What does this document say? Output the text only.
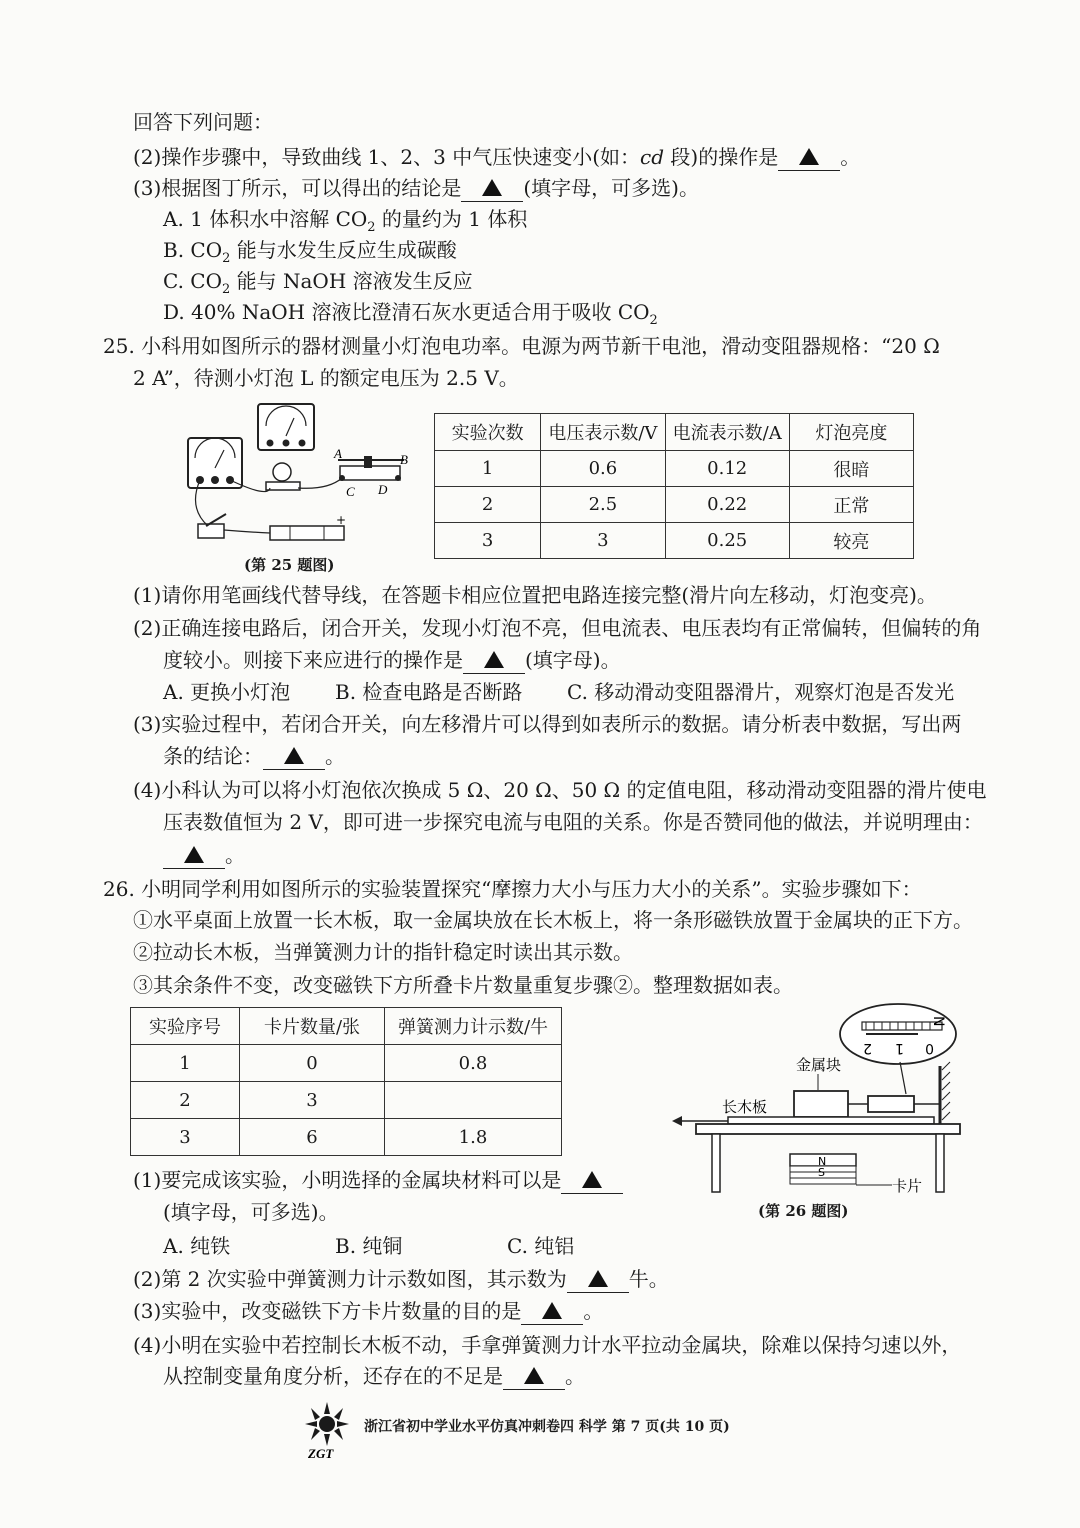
回答下列问题：
(2)操作步骤中，导致曲线 1、2、3 中气压快速变小(如：cd 段)的操作是	。
(3)根据图丁所示，可以得出的结论是	(填字母，可多选)。
A. 1 体积水中溶解 $CO_2$ 的量约为 1 体积
B. $CO_2$ 能与水发生反应生成碳酸
C. $CO_2$ 能与 NaOH 溶液发生反应
D. 40% NaOH 溶液比澄清石灰水更适合用于吸收 $CO_2$
25. 小科用如图所示的器材测量小灯泡电功率。电源为两节新干电池，滑动变阻器规格：“20 Ω
2 A”，待测小灯泡 L 的额定电压为 2.5 V。
A	B
C D
+
(第 25 题图)
实验次数	电压表示数/V	电流表示数/A	灯泡亮度
1	0.6	0.12	很暗
2	2.5	0.22	正常
3	3	0.25	较亮
(1)请你用笔画线代替导线，在答题卡相应位置把电路连接完整(滑片向左移动，灯泡变亮)。
(2)正确连接电路后，闭合开关，发现小灯泡不亮，但电流表、电压表均有正常偏转，但偏转的角
度较小。则接下来应进行的操作是	(填字母)。
A. 更换小灯泡 B. 检查电路是否断路 C. 移动滑动变阻器滑片，观察灯泡是否发光
(3)实验过程中，若闭合开关，向左移滑片可以得到如表所示的数据。请分析表中数据，写出两
条的结论：	。
(4)小科认为可以将小灯泡依次换成 5 Ω、20 Ω、50 Ω 的定值电阻，移动滑动变阻器的滑片使电
压表数值恒为 2 V，即可进一步探究电流与电阻的关系。你是否赞同他的做法，并说明理由：
。
26. 小明同学利用如图所示的实验装置探究“摩擦力大小与压力大小的关系”。实验步骤如下：
①水平桌面上放置一长木板，取一金属块放在长木板上，将一条形磁铁放置于金属块的正下方。
②拉动长木板，当弹簧测力计的指针稳定时读出其示数。
③其余条件不变，改变磁铁下方所叠卡片数量重复步骤②。整理数据如表。
实验序号	卡片数量/张	弹簧测力计示数/牛
1	0	0.8
2	3	
3	6	1.8
2 1 0
N
金属块
长木板
N
S
卡片
(第 26 题图)
(1)要完成该实验，小明选择的金属块材料可以是
(填字母，可多选)。
A. 纯铁	B. 纯铜	C. 纯铝
(2)第 2 次实验中弹簧测力计示数如图，其示数为	牛。
(3)实验中，改变磁铁下方卡片数量的目的是	。
(4)小明在实验中若控制长木板不动，手拿弹簧测力计水平拉动金属块，除难以保持匀速以外，
从控制变量角度分析，还存在的不足是	。
ZGT
浙江省初中学业水平仿真冲刺卷四 科学 第 7 页(共 10 页)
